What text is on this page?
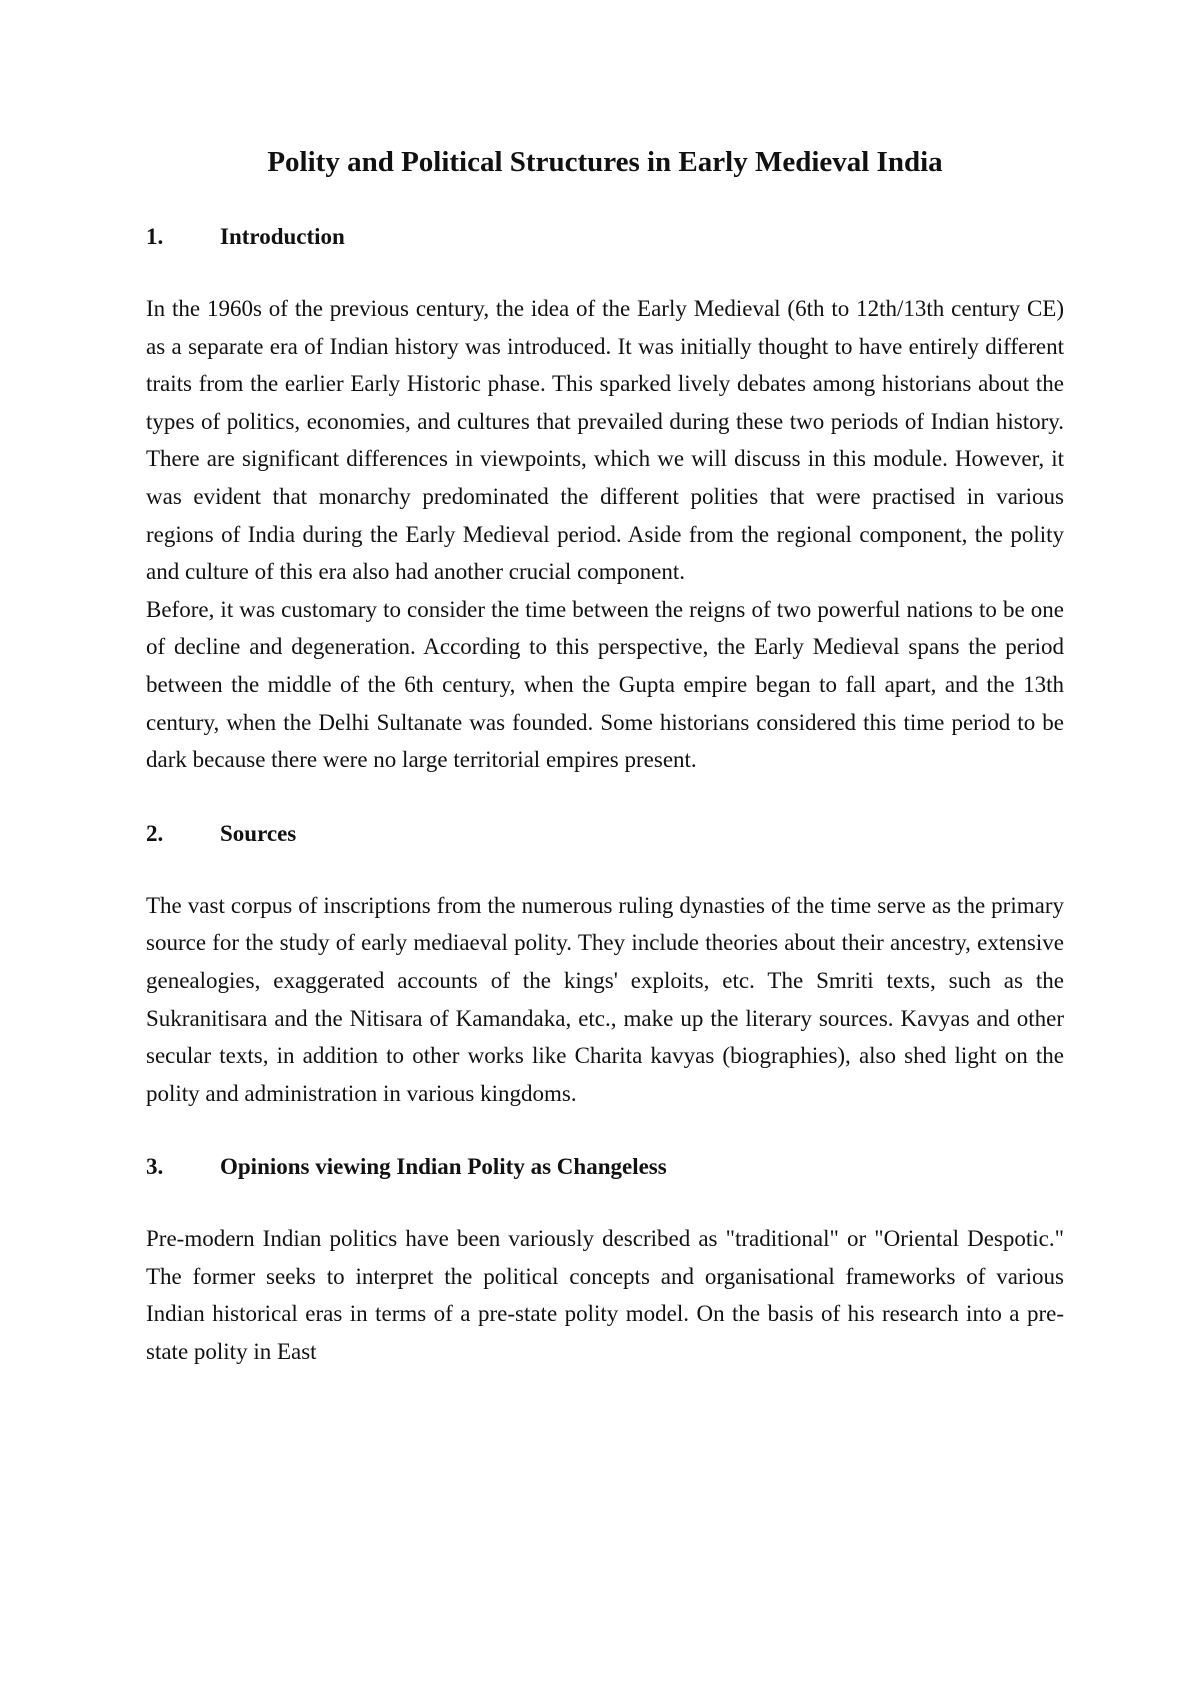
Polity and Political Structures in Early Medieval India
1.	Introduction

In the 1960s of the previous century, the idea of the Early Medieval (6th to 12th/13th century CE) as a separate era of Indian history was introduced. It was initially thought to have entirely different traits from the earlier Early Historic phase. This sparked lively debates among historians about the types of politics, economies, and cultures that prevailed during these two periods of Indian history. There are significant differences in viewpoints, which we will discuss in this module. However, it was evident that monarchy predominated the different polities that were practised in various regions of India during the Early Medieval period. Aside from the regional component, the polity and culture of this era also had another crucial component.

Before, it was customary to consider the time between the reigns of two powerful nations to be one of decline and degeneration. According to this perspective, the Early Medieval spans the period between the middle of the 6th century, when the Gupta empire began to fall apart, and the 13th century, when the Delhi Sultanate was founded. Some historians considered this time period to be dark because there were no large territorial empires present.

2.	Sources

The vast corpus of inscriptions from the numerous ruling dynasties of the time serve as the primary source for the study of early mediaeval polity. They include theories about their ancestry, extensive genealogies, exaggerated accounts of the kings' exploits, etc. The Smriti texts, such as the Sukranitisara and the Nitisara of Kamandaka, etc., make up the literary sources. Kavyas and other secular texts, in addition to other works like Charita kavyas (biographies), also shed light on the polity and administration in various kingdoms.

3.	Opinions viewing Indian Polity as Changeless

Pre-modern Indian politics have been variously described as "traditional" or "Oriental Despotic." The former seeks to interpret the political concepts and organisational frameworks of various Indian historical eras in terms of a pre-state polity model. On the basis of his research into a pre-state polity in East
